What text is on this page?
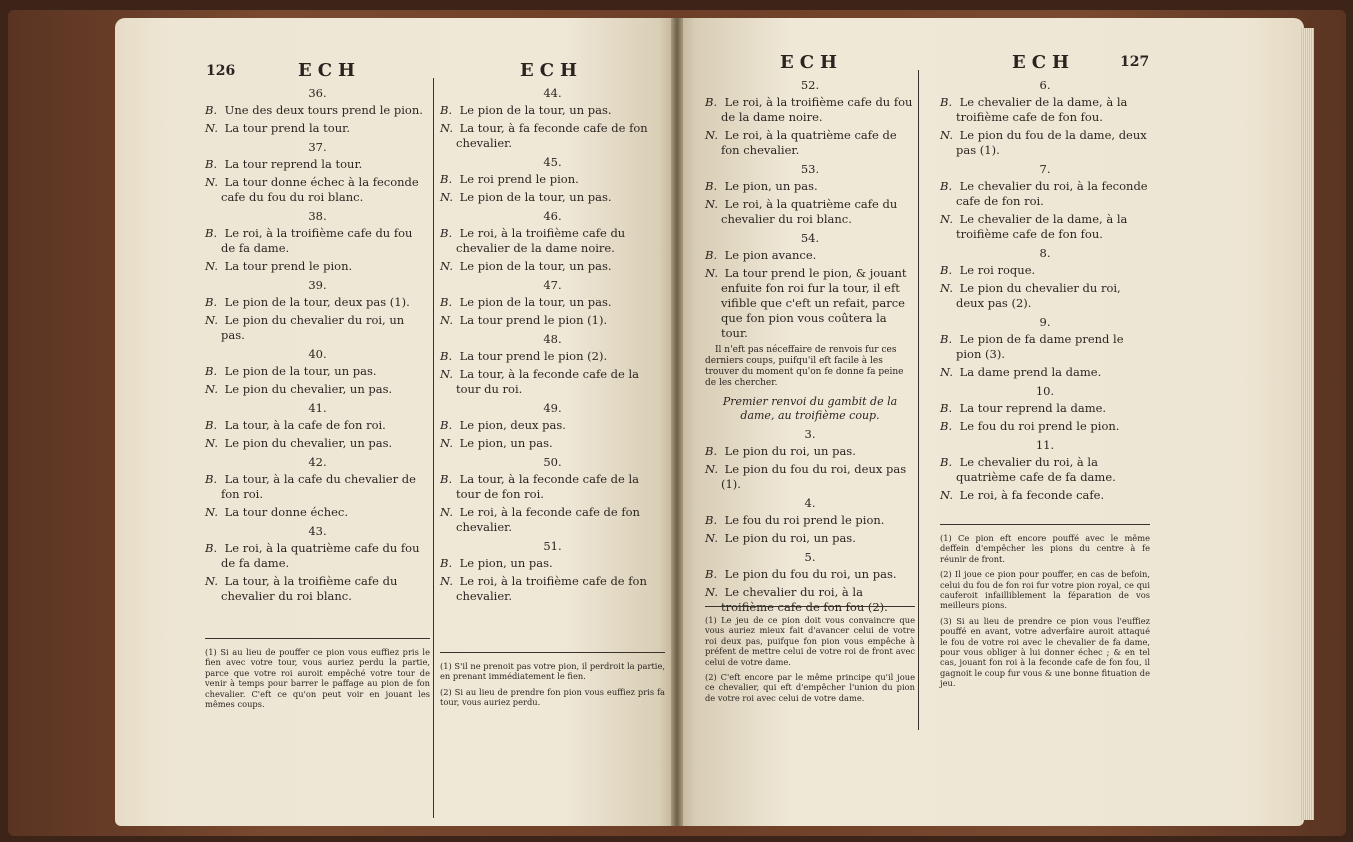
126	ECH	ECH	ECH	ECH	127
36.
B. Une des deux tours prend le pion.
N. La tour prend la tour.
37.
B. La tour reprend la tour.
N. La tour donne échec à la feconde cafe du fou du roi blanc.
38.
B. Le roi, à la troifième cafe du fou de fa dame.
N. La tour prend le pion.
39.
B. Le pion de la tour, deux pas (1).
N. Le pion du chevalier du roi, un pas.
40.
B. Le pion de la tour, un pas.
N. Le pion du chevalier, un pas.
41.
B. La tour, à la cafe de fon roi.
N. Le pion du chevalier, un pas.
42.
B. La tour, à la cafe du chevalier de fon roi.
N. La tour donne échec.
43.
B. Le roi, à la quatrième cafe du fou de fa dame.
N. La tour, à la troifième cafe du chevalier du roi blanc.
44.
B. Le pion de la tour, un pas.
N. La tour, à fa feconde cafe de fon chevalier.
45.
B. Le roi prend le pion.
N. Le pion de la tour, un pas.
46.
B. Le roi, à la troifième cafe du chevalier de la dame noire.
N. Le pion de la tour, un pas.
47.
B. Le pion de la tour, un pas.
N. La tour prend le pion (1).
48.
B. La tour prend le pion (2).
N. La tour, à la feconde cafe de la tour du roi.
49.
B. Le pion, deux pas.
N. Le pion, un pas.
50.
B. La tour, à la feconde cafe de la tour de fon roi.
N. Le roi, à la feconde cafe de fon chevalier.
51.
B. Le pion, un pas.
N. Le roi, à la troifième cafe de fon chevalier.
52.
B. Le roi, à la troifième cafe du fou de la dame noire.
N. Le roi, à la quatrième cafe de fon chevalier.
53.
B. Le pion, un pas.
N. Le roi, à la quatrième cafe du chevalier du roi blanc.
54.
B. Le pion avance.
N. La tour prend le pion, & jouant enfuite fon roi fur la tour, il eft vifible que c'eft un refait, parce que fon pion vous coûtera la tour.
Il n'eft pas néceffaire de renvois fur ces derniers coups, puifqu'il eft facile à les trouver du moment qu'on fe donne fa peine de les chercher.
Premier renvoi du gambit de la dame, au troifième coup.
3.
B. Le pion du roi, un pas.
N. Le pion du fou du roi, deux pas (1).
4.
B. Le fou du roi prend le pion.
N. Le pion du roi, un pas.
5.
B. Le pion du fou du roi, un pas.
N. Le chevalier du roi, à la troifième cafe de fon fou (2).
6.
B. Le chevalier de la dame, à la troifième cafe de fon fou.
N. Le pion du fou de la dame, deux pas (1).
7.
B. Le chevalier du roi, à la feconde cafe de fon roi.
N. Le chevalier de la dame, à la troifième cafe de fon fou.
8.
B. Le roi roque.
N. Le pion du chevalier du roi, deux pas (2).
9.
B. Le pion de fa dame prend le pion (3).
N. La dame prend la dame.
10.
B. La tour reprend la dame.
B. Le fou du roi prend le pion.
11.
B. Le chevalier du roi, à la quatrième cafe de fa dame.
N. Le roi, à fa feconde cafe.
(1) Si au lieu de pouffer ce pion vous euffiez pris le fien avec votre tour, vous auriez perdu la partie, parce que votre roi auroit empêché votre tour de venir à temps pour barrer le paffage au pion de fon chevalier. C'eft ce qu'on peut voir en jouant les mêmes coups.
(1) S'il ne prenoit pas votre pion, il perdroit la partie, en prenant immédiatement le fien.
(2) Si au lieu de prendre fon pion vous euffiez pris fa tour, vous auriez perdu.
(1) Le jeu de ce pion doit vous convaincre que vous auriez mieux fait d'avancer celui de votre roi deux pas, puifque fon pion vous empêche à préfent de mettre celui de votre roi de front avec celui de votre dame.
(2) C'eft encore par le même principe qu'il joue ce chevalier, qui eft d'empêcher l'union du pion de votre roi avec celui de votre dame.
(1) Ce pion eft encore pouffé avec le même deffein d'empêcher les pions du centre à fe réunir de front.
(2) Il joue ce pion pour pouffer, en cas de befoin, celui du fou de fon roi fur votre pion royal, ce qui cauferoit infailliblement la féparation de vos meilleurs pions.
(3) Si au lieu de prendre ce pion vous l'euffiez pouffé en avant, votre adverfaire auroit attaqué le fou de votre roi avec le chevalier de fa dame, pour vous obliger à lui donner échec ; & en tel cas, jouant fon roi à la feconde cafe de fon fou, il gagnoit le coup fur vous & une bonne fituation de jeu.
